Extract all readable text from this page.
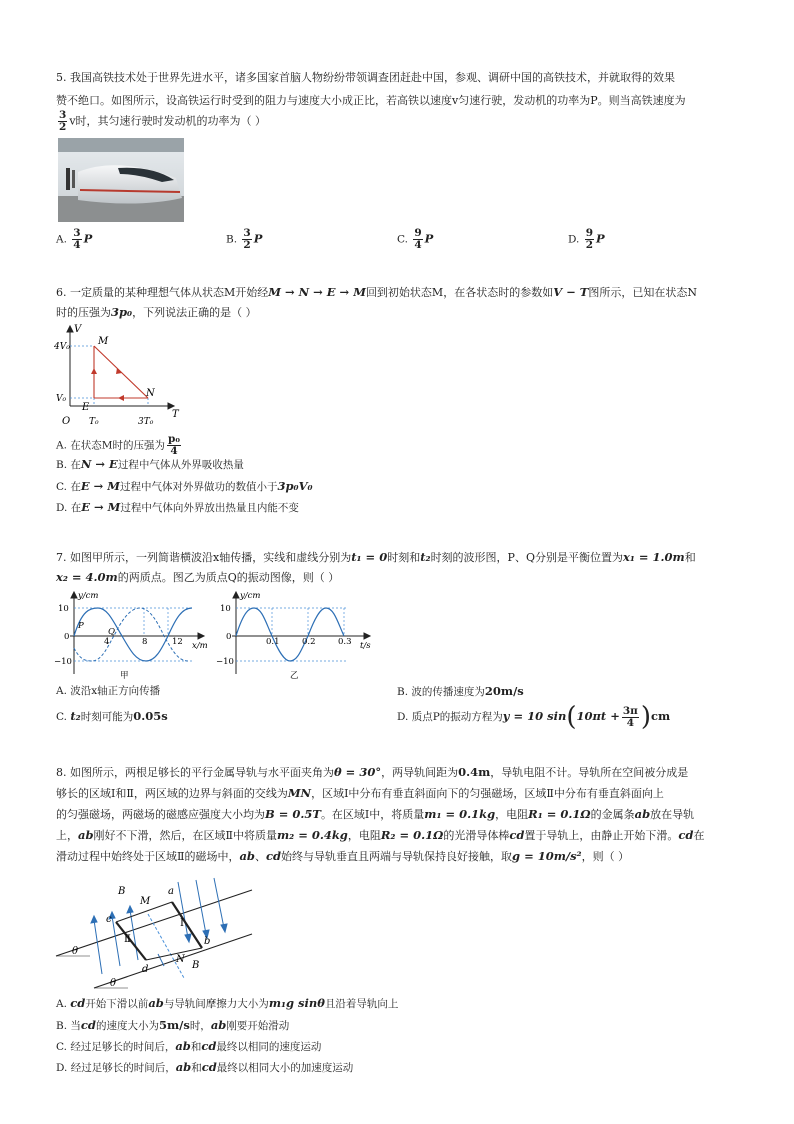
5. 我国高铁技术处于世界先进水平，诸多国家首脑人物纷纷带领调查团赶赴中国，参观、调研中国的高铁技术，并就取得的效果
赞不绝口。如图所示，设高铁运行时受到的阻力与速度大小成正比，若高铁以速度v匀速行驶，发动机的功率为P。则当高铁速度为
$\frac{3}{2}$ v时，其匀速行驶时发动机的功率为（ ）
A. $\frac{3}{4}$ P	B. $\frac{3}{2}$ P	C. $\frac{9}{4}$ P	D. $\frac{9}{2}$ P
6. 一定质量的某种理想气体从状态M开始经M → N → E → M回到初始状态M，在各状态时的参数如V − T图所示，已知在状态N
时的压强为3p₀，下列说法正确的是（ ）
V
T
4V₀
V₀
O T₀	3T₀
M
N
E
A. 在状态M时的压强为 $\frac{\text{p₀}}{4}$
B. 在N → E过程中气体从外界吸收热量
C. 在E → M过程中气体对外界做功的数值小于3p₀V₀
D. 在E → M过程中气体向外界放出热量且内能不变
7. 如图甲所示，一列简谐横波沿x轴传播，实线和虚线分别为t₁ = 0时刻和t₂时刻的波形图，P、Q分别是平衡位置为x₁ = 1.0m和
x₂ = 4.0m的两质点。图乙为质点Q的振动图像，则（ ）
y/cm
x/m
10
0
−10
4	8	12
P
Q
甲
y/cm
t/s
10
0
−10
0.1	0.2	0.3
乙
A. 波沿x轴正方向传播	B. 波的传播速度为20m/s
C. t₂时刻可能为0.05s	D. 质点P的振动方程为y = 10 $\sin(10\pi t + \frac{3\pi}{4} )cm$
8. 如图所示，两根足够长的平行金属导轨与水平面夹角为θ = 30°，两导轨间距为0.4m，导轨电阻不计。导轨所在空间被分成是
够长的区域Ⅰ和Ⅱ，两区域的边界与斜面的交线为MN，区域Ⅰ中分布有垂直斜面向下的匀强磁场，区域Ⅱ中分布有垂直斜面向上
的匀强磁场，两磁场的磁感应强度大小均为B = 0.5T。在区域Ⅰ中，将质量m₁ = 0.1kg，电阻R₁ = 0.1Ω的金属条ab放在导轨
上，ab刚好不下滑，然后，在区域Ⅱ中将质量m₂ = 0.4kg，电阻R₂ = 0.1Ω的光滑导体棒cd置于导轨上，由静止开始下滑。cd在
滑动过程中始终处于区域Ⅱ的磁场中，ab、cd始终与导轨垂直且两端与导轨保持良好接触，取g = 10m/s²，则（ ）
B
M
a
c	Ⅰ
Ⅱ	b
N
B
d
θ
θ
A. cd开始下滑以前ab与导轨间摩擦力大小为m₁g sinθ且沿着导轨向上
B. 当cd的速度大小为5m/s时，ab刚要开始滑动
C. 经过足够长的时间后，ab和cd最终以相同的速度运动
D. 经过足够长的时间后，ab和cd最终以相同大小的加速度运动
